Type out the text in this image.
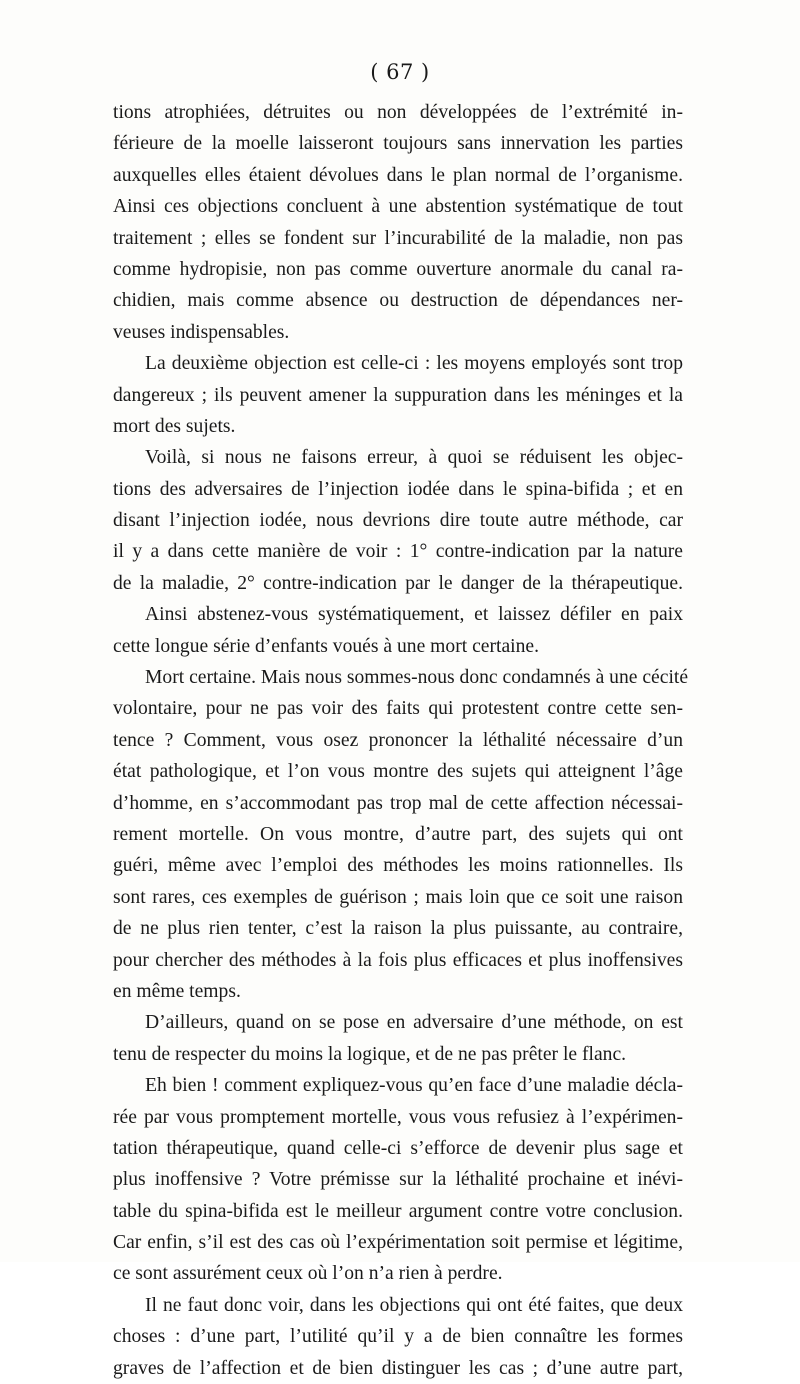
( 67 )
tions atrophiées, détruites ou non développées de l’extrémité in-
férieure de la moelle laisseront toujours sans innervation les parties
auxquelles elles étaient dévolues dans le plan normal de l’organisme.
Ainsi ces objections concluent à une abstention systématique de tout
traitement ; elles se fondent sur l’incurabilité de la maladie, non pas
comme hydropisie, non pas comme ouverture anormale du canal ra-
chidien, mais comme absence ou destruction de dépendances ner-
veuses indispensables.
La deuxième objection est celle-ci : les moyens employés sont trop
dangereux ; ils peuvent amener la suppuration dans les méninges et la
mort des sujets.
Voilà, si nous ne faisons erreur, à quoi se réduisent les objec-
tions des adversaires de l’injection iodée dans le spina-bifida ; et en
disant l’injection iodée, nous devrions dire toute autre méthode, car
il y a dans cette manière de voir : 1° contre-indication par la nature
de la maladie, 2° contre-indication par le danger de la thérapeutique.
Ainsi abstenez-vous systématiquement, et laissez défiler en paix
cette longue série d’enfants voués à une mort certaine.
Mort certaine. Mais nous sommes-nous donc condamnés à une cécité
volontaire, pour ne pas voir des faits qui protestent contre cette sen-
tence ? Comment, vous osez prononcer la léthalité nécessaire d’un
état pathologique, et l’on vous montre des sujets qui atteignent l’âge
d’homme, en s’accommodant pas trop mal de cette affection nécessai-
rement mortelle. On vous montre, d’autre part, des sujets qui ont
guéri, même avec l’emploi des méthodes les moins rationnelles. Ils
sont rares, ces exemples de guérison ; mais loin que ce soit une raison
de ne plus rien tenter, c’est la raison la plus puissante, au contraire,
pour chercher des méthodes à la fois plus efficaces et plus inoffensives
en même temps.
D’ailleurs, quand on se pose en adversaire d’une méthode, on est
tenu de respecter du moins la logique, et de ne pas prêter le flanc.
Eh bien ! comment expliquez-vous qu’en face d’une maladie décla-
rée par vous promptement mortelle, vous vous refusiez à l’expérimen-
tation thérapeutique, quand celle-ci s’efforce de devenir plus sage et
plus inoffensive ? Votre prémisse sur la léthalité prochaine et inévi-
table du spina-bifida est le meilleur argument contre votre conclusion.
Car enfin, s’il est des cas où l’expérimentation soit permise et légitime,
ce sont assurément ceux où l’on n’a rien à perdre.
Il ne faut donc voir, dans les objections qui ont été faites, que deux
choses : d’une part, l’utilité qu’il y a de bien connaître les formes
graves de l’affection et de bien distinguer les cas ; d’une autre part,
